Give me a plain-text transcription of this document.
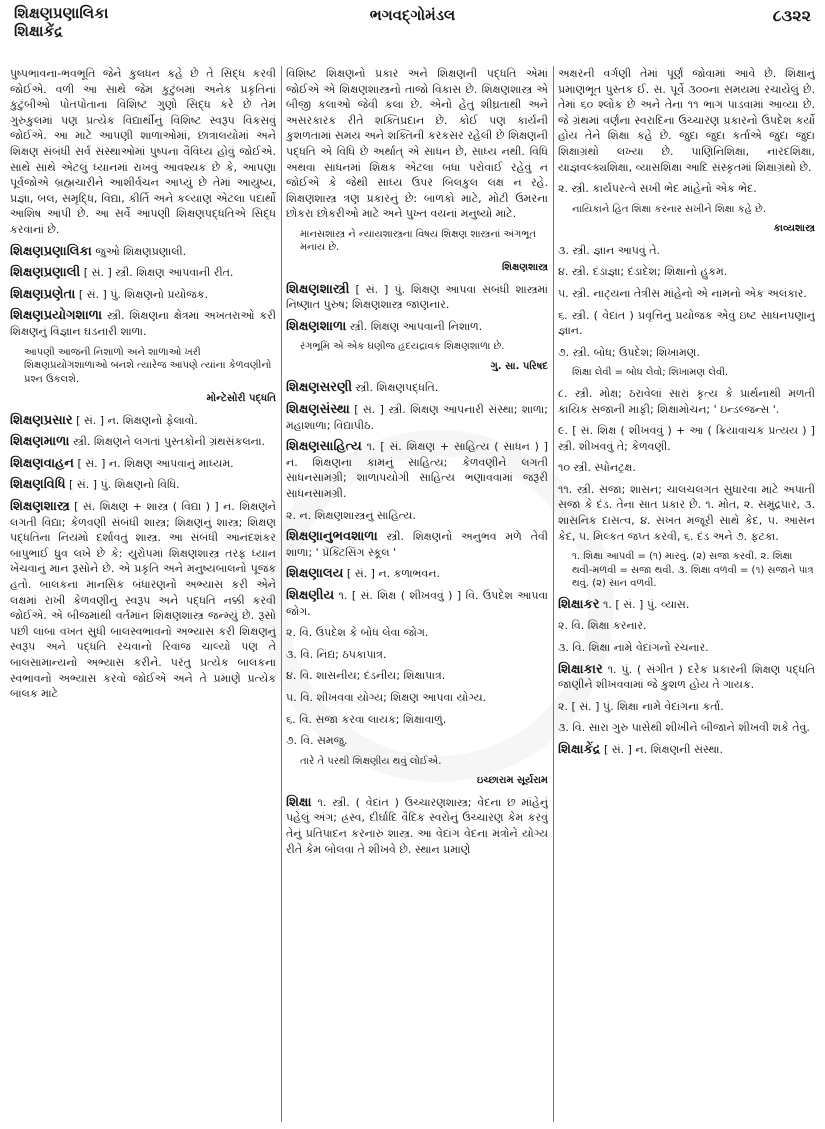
શિક્ષણપ્રણાલિકા
શિક્ષાકેંદ્ર
ભગવદ્ગોમંડલ	૮૩૨૨

પુષ્પભાવના-ભવભૂતિ જેને કુલધન કહે છે તે સિદ્ધ કરવી જોઈએ. વળી આ સાથે જેમ કુટુંબમાં અનેક પ્રકૃતિનાં કુટુંબીઓ પોતપોતાના વિશિષ્ટ ગુણો સિદ્ધ કરે છે તેમ ગુરુકુલમાં પણ પ્રત્યેક વિદ્યાર્થીનું વિશિષ્ટ સ્વરૂપ વિકસવું જોઈએ. આ માટે આપણી શાળાઓમાં, છાત્રાલયોમાં અને શિક્ષણ સંબંધી સર્વ સંસ્થાઓમાં પુષ્પના વૈવિધ્ય હોવું જોઈએ. સાથે સાથે એટલું ધ્યાનમાં રાખવું આવશ્યક છે કે, આપણા પૂર્વજોએ બ્રહ્મચારીને આશીર્વચન આપ્યું છે તેમાં આયુષ્ય, પ્રજ્ઞા, બલ, સમૃદ્ધિ, વિદ્યા, કીર્તિ અને કલ્યાણ એટલા પદાર્થો આશિષ આપી છે. આ સર્વે આપણી શિક્ષણપદ્ધતિએ સિદ્ધ કરવાનાં છે.

શિક્ષણપ્રણાલિકા જુઓ શિક્ષણપ્રણાલી.

શિક્ષણપ્રણાલી [ સં. ] સ્ત્રી. શિક્ષણ આપવાની રીત.

શિક્ષણપ્રણેતા [ સં. ] પું. શિક્ષણનો પ્રયોજક.

શિક્ષણપ્રયોગશાળા સ્ત્રી. શિક્ષણના ક્ષેત્રમાં અખતરાઓ કરી શિક્ષણનું વિજ્ઞાન ઘડનારી શાળા.

આપણી આજની નિશાળો અને શાળાઓ ખરી શિક્ષણપ્રયોગશાળાઓ બનશે ત્યારેજ આપણે ત્યાંના કેળવણીનો પ્રશ્ન ઉકલશે.
મોન્ટેસોરી પદ્ધતિ

શિક્ષણપ્રસાર [ સં. ] ન. શિક્ષણનો ફેલાવો.

શિક્ષણમાળા સ્ત્રી. શિક્ષણને લગતાં પુસ્તકોની ગ્રંથસંકલના.

શિક્ષણવાહન [ સં. ] ન. શિક્ષણ આપવાનું માધ્યમ.

શિક્ષણવિધિ [ સં. ] પું. શિક્ષણનો વિધિ.

શિક્ષણશાસ્ત્ર [ સં. શિક્ષણ + શાસ્ત્ર ( વિદ્યા ) ] ન. શિક્ષણને લગતી વિદ્યા; કેળવણી સંબંધી શાસ્ત્ર; શિક્ષણનું શાસ્ત્ર; શિક્ષણ પદ્ધતિના નિયમો દર્શાવતું શાસ્ત્ર. આ સંબંધી આનંદશંકર બાપુભાઈ ધ્રુવ લખે છે કે: યુરોપમાં શિક્ષણશાસ્ત્ર તરફ ધ્યાન ખેંચવાનું માન રૂસોને છે. એ પ્રકૃતિ અને મનુષ્યબાલનો પૂજક હતો. બાલકના માનસિક બંધારણનો અભ્યાસ કરી એને લક્ષમાં રાખી કેળવણીનું સ્વરૂપ અને પદ્ધતિ નક્કી કરવી જોઈએ. એ બીજમાંથી વર્તમાન શિક્ષણશાસ્ત્ર જન્મ્યું છે. રૂસો પછી લાંબા વખત સુધી બાલસ્વભાવનો અભ્યાસ કરી શિક્ષણનું સ્વરૂપ અને પદ્ધતિ રચવાનો રિવાજ ચાલ્યો પણ તે બાલસામાન્યનો અભ્યાસ કરીને. પરંતુ પ્રત્યેક બાલકના સ્વભાવનો અભ્યાસ કરવો જોઈએ અને તે પ્રમાણે પ્રત્યેક બાલક માટે

વિશિષ્ટ શિક્ષણનો પ્રકાર અને શિક્ષણની પદ્ધતિ એમાં જોઈએ એ શિક્ષણશાસ્ત્રનો તાજો વિકાસ છે. શિક્ષણશાસ્ત્ર એ બીજી કલાઓ જેવી કલા છે. એનો હેતુ શીઘ્રતાથી અને અસરકારક રીતે શક્તિપ્રદાન છે. કોઈ પણ કાર્યની કુશળતામાં સમય અને શક્તિની કરકસર રહેલી છે શિક્ષણની પદ્ધતિ એ વિધિ છે અર્થાત્ એ સાધન છે, સાધ્ય નથી. વિધિ અથવા સાધનમાં શિક્ષક એટલા બધા પરોવાઈ રહેવું ન જોઈએ કે જેથી સાધ્ય ઉપર બિલકુલ લક્ષ ન રહે. શિક્ષણશાસ્ત્ર ત્રણ પ્રકારનું છે: બાળકો માટે, મોટી ઉમરના છોકરા છોકરીઓ માટે અને પુખ્ત વયનાં મનુષ્યો માટે.

માનસશાસ્ત્ર ને ન્યાયશાસ્ત્રના વિષય શિક્ષણ શાસ્ત્રનાં અંગભૂત મનાય છે.
શિક્ષણશાસ્ત્ર

શિક્ષણશાસ્ત્રી [ સં. ] પું. શિક્ષણ આપવા સંબંધી શાસ્ત્રમાં નિષ્ણાત પુરુષ; શિક્ષણશાસ્ત્ર જાણનાર.

શિક્ષણશાળા સ્ત્રી. શિક્ષણ આપવાની નિશાળ.

રંગભૂમિ એ એક ઘણીજ હૃદયદ્રાવક શિક્ષણશાળા છે.
ગુ. સા. પરિષદ

શિક્ષણસરણી સ્ત્રી. શિક્ષણપદ્ધતિ.

શિક્ષણસંસ્થા [ સં. ] સ્ત્રી. શિક્ષણ આપનારી સંસ્થા; શાળા; મહાશાળા; વિદ્યાપીઠ.

શિક્ષણસાહિત્ય ૧. [ સં. શિક્ષણ + સાહિત્ય ( સાધન ) ] ન. શિક્ષણના કામનું સાહિત્ય; કેળવણીને લગતી સાધનસામગ્રી; શાળાપયોગી સાહિત્ય ભણાવવામાં જરૂરી સાધનસામગ્રી.

૨. ન. શિક્ષણશાસ્ત્રનું સાહિત્ય.

શિક્ષણાનુભવશાળા સ્ત્રી. શિક્ષણનો અનુભવ મળે તેવી શાળા; ' પ્રૅક્ટિસિંગ સ્કૂલ '

શિક્ષણાલય [ સં. ] ન. કળાભવન.

શિક્ષણીય ૧. [ સં. શિક્ષ ( શીખવવું ) ] વિ. ઉપદેશ આપવા જોગ.

૨. વિ. ઉપદેશ કે બોધ લેવા જોગ.

૩. વિ. નિંદ્ય; ઠપકાપાત્ર.

૪. વિ. શાસનીય; દંડનીય; શિક્ષાપાત્ર.

૫. વિ. શીખવવા યોગ્ય; શિક્ષણ આપવા યોગ્ય.

૬. વિ. સજા કરવા લાયક; શિક્ષાવાળું.

૭. વિ. સમજુ.

તારે તે પરથી શિક્ષણીય થવું લોઈએ.
ઇચ્છારામ સૂર્યરામ

શિક્ષા ૧. સ્ત્રી. ( વેદાંત ) ઉચ્ચારણશાસ્ત્ર; વેદના છ માંહેનું પહેલું અંગ; હ્રસ્વ, દીર્ઘાદિ વૈદિક સ્વરોનું ઉચ્ચારણ કેમ કરવું તેનું પ્રતિપાદન કરનારું શાસ્ત્ર. આ વેદાંગ વેદના મંત્રોને યોગ્ય રીતે કેમ બોલવા તે શીખવે છે. સ્થાન પ્રમાણે

અક્ષરની વર્ગણી તેમાં પૂર્ણ જોવામાં આવે છે. શિક્ષાનું પ્રમાણભૂત પુસ્તક ઈ. સ. પૂર્વે ૩૦૦ના સમયમાં રચાયેલું છે. તેમાં ૬૦ શ્લોક છે અને તેના ૧૧ ભાગ પાડવામાં આવ્યા છે. જે ગ્રંથમાં વર્ણના સ્વરાદિના ઉચ્ચારણ પ્રકારનો ઉપદેશ કર્યો હોય તેને શિક્ષા કહે છે. જુદા જુદા કર્તાએ જુદા જુદા શિક્ષાગ્રંથો લખ્યા છે. પાણિનિશિક્ષા, નારદશિક્ષા, યાજ્ઞવલ્ક્યશિક્ષા, વ્યાસશિક્ષા આદિ સંસ્કૃતમાં શિક્ષાગ્રંથો છે.

૨. સ્ત્રી. કાર્યપરત્વે સખી ભેદ માંહેનો એક ભેદ.

નાયિકાને હિત શિક્ષા કરનાર સખીને શિક્ષા કહે છે.
કાવ્યશાસ્ત્ર

૩. સ્ત્રી. જ્ઞાન આપવું તે.

૪. સ્ત્રી. દંડાજ્ઞા; દંડાદેશ; શિક્ષાનો હુકમ.

૫. સ્ત્રી. નાટ્યના તેત્રીસ માંહેનો એ નામનો એક અલંકાર.

૬. સ્ત્રી. ( વેદાંત ) પ્રવૃત્તિનું પ્રયોજક એવું ઇષ્ટ સાધનપણાનું જ્ઞાન.

૭. સ્ત્રી. બોધ; ઉપદેશ; શિખામણ.

શિક્ષા લેવી = બોધ લેવો; શિખામણ લેવી.

૮. સ્ત્રી. મોક્ષ; ઠરાવેલાં સારાં કૃત્ય કે પ્રાર્થનાથી મળતી કાયિક સજાની માફી; શિક્ષામોચન; ' ઇન્ડલ્જન્સ '.

૯. [ સં. શિક્ષ ( શીખવવું ) + આ ( ક્રિયાવાચક પ્રત્યય ) ] સ્ત્રી. શીખવવું તે; કેળવણી.

૧૦ સ્ત્રી. સ્પોનટ્રક્ષ.

૧૧. સ્ત્રી. સજા; શાસન; ચાલચલગત સુધારવા માટે અપાતી સજા કે દંડ. તેના સાત પ્રકાર છે. ૧. મોત, ૨. સમુદ્રપાર, ૩. શાસનિક દાસત્વ, ૪. સખત મજૂરી સાથે કેદ, ૫. આસન કેદ, ૫. મિલ્કત જપ્ત કરવી, ૬. દંડ અને ૭. ફટકા.

૧. શિક્ષા આપવી = (૧) મારવું. (૨) સજા કરવી. ૨. શિક્ષા થવી-મળવી = સજા થવી. ૩. શિક્ષા વળવી = (૧) સજાને પાત્ર થવું. (૨) સાન વળવી.

શિક્ષાકર ૧. [ સં. ] પું. વ્યાસ.

૨. વિ. શિક્ષા કરનાર.

૩. વિ. શિક્ષા નામે વેદાંગનો રચનાર.

શિક્ષાકાર ૧. પું. ( સંગીત ) દરેક પ્રકારની શિક્ષણ પદ્ધતિ જાણીને શીખવવામાં જે કુશળ હોય તે ગાયક.

૨. [ સં. ] પું. શિક્ષા નામે વેદાંગના કર્તા.

૩. વિ. સારા ગુરુ પાસેથી શીખીને બીજાને શીખવી શકે તેવું.

શિક્ષાકેંદ્ર [ સં. ] ન. શિક્ષણની સંસ્થા.
